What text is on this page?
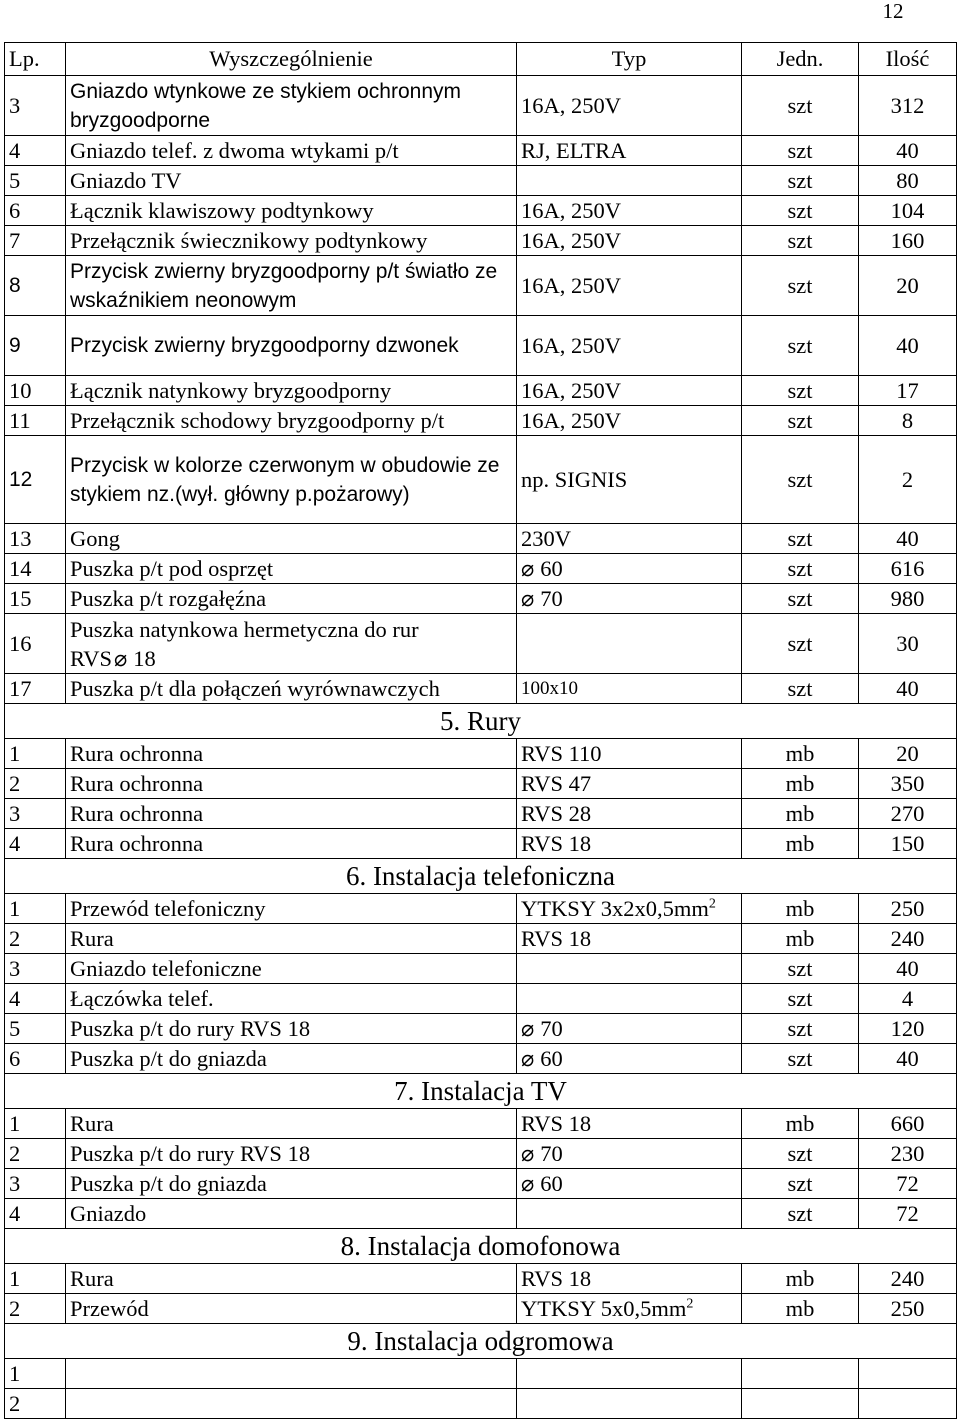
12
Lp.	Wyszczególnienie	Typ	Jedn.	Ilość
3	Gniazdo wtynkowe ze stykiem ochronnym bryzgoodporne	16A, 250V	szt	312
4	Gniazdo telef. z dwoma wtykami p/t	RJ, ELTRA	szt	40
5	Gniazdo TV		szt	80
6	Łącznik klawiszowy podtynkowy	16A, 250V	szt	104
7	Przełącznik świecznikowy podtynkowy	16A, 250V	szt	160
8	Przycisk zwierny bryzgoodporny p/t światło ze wskaźnikiem neonowym	16A, 250V	szt	20
9	Przycisk zwierny bryzgoodporny dzwonek	16A, 250V	szt	40
10	Łącznik natynkowy bryzgoodporny	16A, 250V	szt	17
11	Przełącznik schodowy bryzgoodporny p/t	16A, 250V	szt	8
12	Przycisk w kolorze czerwonym w obudowie ze stykiem nz.(wył. główny p.pożarowy)	np. SIGNIS	szt	2
13	Gong	230V	szt	40
14	Puszka p/t pod osprzęt	⌀ 60	szt	616
15	Puszka p/t rozgałęźna	⌀ 70	szt	980
16	Puszka natynkowa hermetyczna do rur
RVS⌀ 18		szt	30
17	Puszka p/t dla połączeń wyrównawczych	100x10	szt	40
5. Rury				
1	Rura ochronna	RVS 110	mb	20
2	Rura ochronna	RVS 47	mb	350
3	Rura ochronna	RVS 28	mb	270
4	Rura ochronna	RVS 18	mb	150
6. Instalacja telefoniczna				
1	Przewód telefoniczny	YTKSY $3x2x0,5mm^2$	mb	250
2	Rura	RVS 18	mb	240
3	Gniazdo telefoniczne		szt	40
4	Łączówka telef.		szt	4
5	Puszka p/t do rury RVS 18	⌀ 70	szt	120
6	Puszka p/t do gniazda	⌀ 60	szt	40
7. Instalacja TV				
1	Rura	RVS 18	mb	660
2	Puszka p/t do rury RVS 18	⌀ 70	szt	230
3	Puszka p/t do gniazda	⌀ 60	szt	72
4	Gniazdo		szt	72
8. Instalacja domofonowa				
1	Rura	RVS 18	mb	240
2	Przewód	YTKSY $5x0,5mm^2$	mb	250
9. Instalacja odgromowa				
1				
2				
